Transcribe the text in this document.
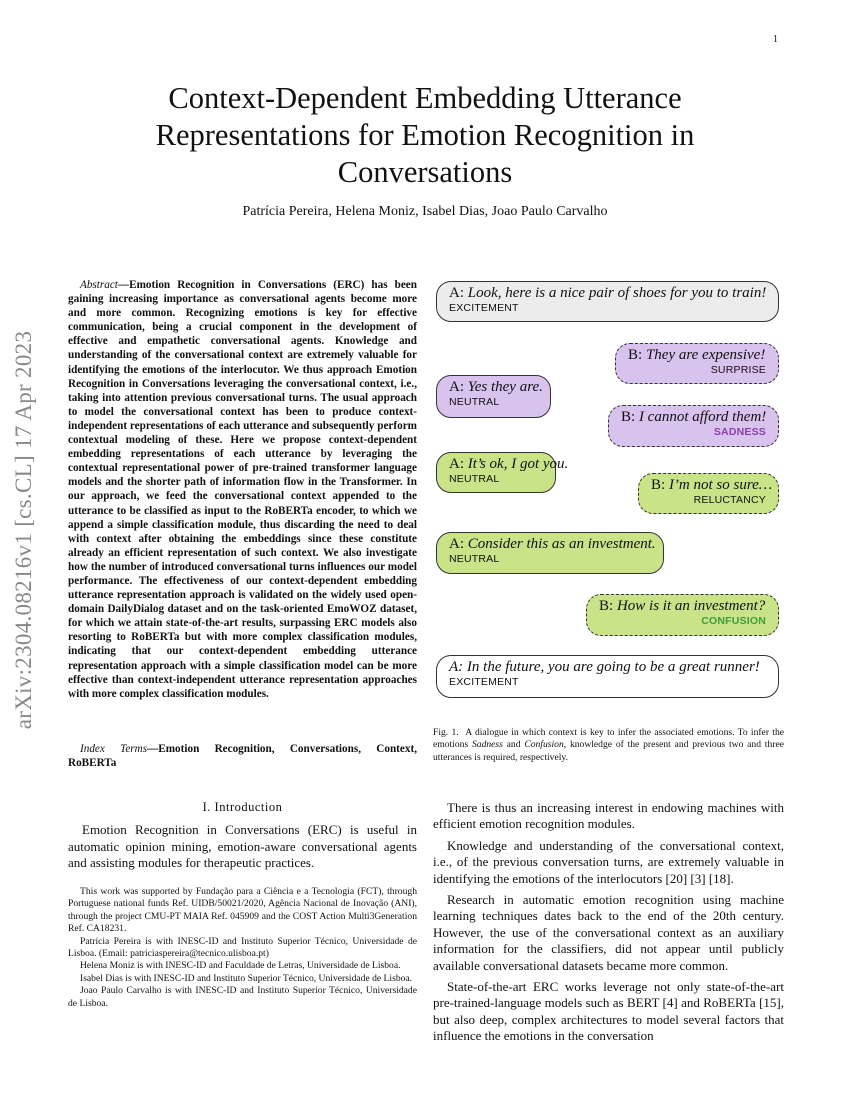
1
arXiv:2304.08216v1 [cs.CL] 17 Apr 2023
Context-Dependent Embedding Utterance Representations for Emotion Recognition in Conversations
Patrícia Pereira, Helena Moniz, Isabel Dias, Joao Paulo Carvalho

Abstract—Emotion Recognition in Conversations (ERC) has been gaining increasing importance as conversational agents become more and more common. Recognizing emotions is key for effective communication, being a crucial component in the development of effective and empathetic conversational agents. Knowledge and understanding of the conversational context are extremely valuable for identifying the emotions of the interlocutor. We thus approach Emotion Recognition in Conversations leveraging the conversational context, i.e., taking into attention previous conversational turns. The usual approach to model the conversational context has been to produce context-independent representations of each utterance and subsequently perform contextual modeling of these. Here we propose context-dependent embedding representations of each utterance by leveraging the contextual representational power of pre-trained transformer language models and the shorter path of information flow in the Transformer. In our approach, we feed the conversational context appended to the utterance to be classified as input to the RoBERTa encoder, to which we append a simple classification module, thus discarding the need to deal with context after obtaining the embeddings since these constitute already an efficient representation of such context. We also investigate how the number of introduced conversational turns influences our model performance. The effectiveness of our context-dependent embedding utterance representation approach is validated on the widely used open-domain DailyDialog dataset and on the task-oriented EmoWOZ dataset, for which we attain state-of-the-art results, surpassing ERC models also resorting to RoBERTa but with more complex classification modules, indicating that our context-dependent embedding utterance representation approach with a simple classification model can be more effective than context-independent utterance representation approaches with more complex classification modules.

Index Terms—Emotion Recognition, Conversations, Context, RoBERTa

I. Introduction

Emotion Recognition in Conversations (ERC) is useful in automatic opinion mining, emotion-aware conversational agents and assisting modules for therapeutic practices.

This work was supported by Fundação para a Ciência e a Tecnologia (FCT), through Portuguese national funds Ref. UIDB/50021/2020, Agência Nacional de Inovação (ANI), through the project CMU-PT MAIA Ref. 045909 and the COST Action Multi3Generation Ref. CA18231.

Patrícia Pereira is with INESC-ID and Instituto Superior Técnico, Universidade de Lisboa. (Email: patriciaspereira@tecnico.ulisboa.pt)

Helena Moniz is with INESC-ID and Faculdade de Letras, Universidade de Lisboa.

Isabel Dias is with INESC-ID and Instituto Superior Técnico, Universidade de Lisboa.

Joao Paulo Carvalho is with INESC-ID and Instituto Superior Técnico, Universidade de Lisboa.

There is thus an increasing interest in endowing machines with efficient emotion recognition modules.

Knowledge and understanding of the conversational context, i.e., of the previous conversation turns, are extremely valuable in identifying the emotions of the interlocutors [20] [3] [18].

Research in automatic emotion recognition using machine learning techniques dates back to the end of the 20th century. However, the use of the conversational context as an auxiliary information for the classifiers, did not appear until publicly available conversational datasets became more common.

State-of-the-art ERC works leverage not only state-of-the-art pre-trained-language models such as BERT [4] and RoBERTa [15], but also deep, complex architectures to model several factors that influence the emotions in the conversation

A: Look, here is a nice pair of shoes for you to train!
EXCITEMENT
B: They are expensive!
SURPRISE
A: Yes they are.
NEUTRAL
B: I cannot afford them!
SADNESS
A: It’s ok, I got you.
NEUTRAL	B: I’m not so sure…
RELUCTANCY
A: Consider this as an investment.
NEUTRAL
B: How is it an investment?
CONFUSION
A: In the future, you are going to be a great runner!
EXCITEMENT

Fig. 1. A dialogue in which context is key to infer the associated emotions. To infer the emotions Sadness and Confusion, knowledge of the present and previous two and three utterances is required, respectively.
